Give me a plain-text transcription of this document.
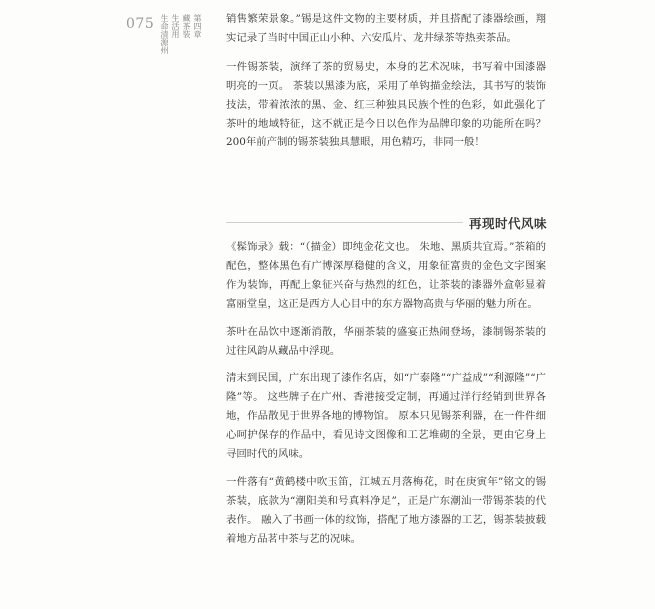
075	第四章
藏茶装
生活用
生命清源州	销售繁荣景象。”锡是这件文物的主要材质，并且搭配了漆器绘画，翔实记录了当时中国正山小种、六安瓜片、龙井绿茶等热卖茶品。

一件锡茶装，演绎了茶的贸易史，本身的艺术况味，书写着中国漆器明亮的一页。 茶装以黑漆为底，采用了单钩描金绘法，其书写的装饰技法，带着浓浓的黑、金、红三种独具民族个性的色彩，如此强化了茶叶的地域特征，这不就正是今日以色作为品牌印象的功能所在吗？ 200年前产制的锡茶装独具慧眼，用色精巧，非同一般！

再现时代风味

《髹饰录》载：“（描金）即纯金花文也。 朱地、黑质共宜焉。”茶箱的配色，整体黑色有广博深厚稳健的含义，用象征富贵的金色文字图案作为装饰，再配上象征兴奋与热烈的红色，让茶装的漆器外盒彰显着富丽堂皇，这正是西方人心目中的东方器物高贵与华丽的魅力所在。

茶叶在品饮中逐渐消散，华丽茶装的盛宴正热闹登场，漆制锡茶装的过往风韵从藏品中浮现。

清末到民国，广东出现了漆作名店，如“广泰隆”“广益成”“利源隆”“广隆”等。 这些牌子在广州、香港接受定制，再通过洋行经销到世界各地，作品散见于世界各地的博物馆。 原本只见锡茶利器，在一件件细心呵护保存的作品中，看见诗文图像和工艺堆砌的全景，更由它身上寻回时代的风味。

一件落有“黄鹤楼中吹玉笛，江城五月落梅花，时在庚寅年”铭文的锡茶装，底款为“潮阳美和号真料净足”，正是广东潮汕一带锡茶装的代表作。 融入了书画一体的纹饰，搭配了地方漆器的工艺，锡茶装披载着地方品茗中茶与艺的况味。
